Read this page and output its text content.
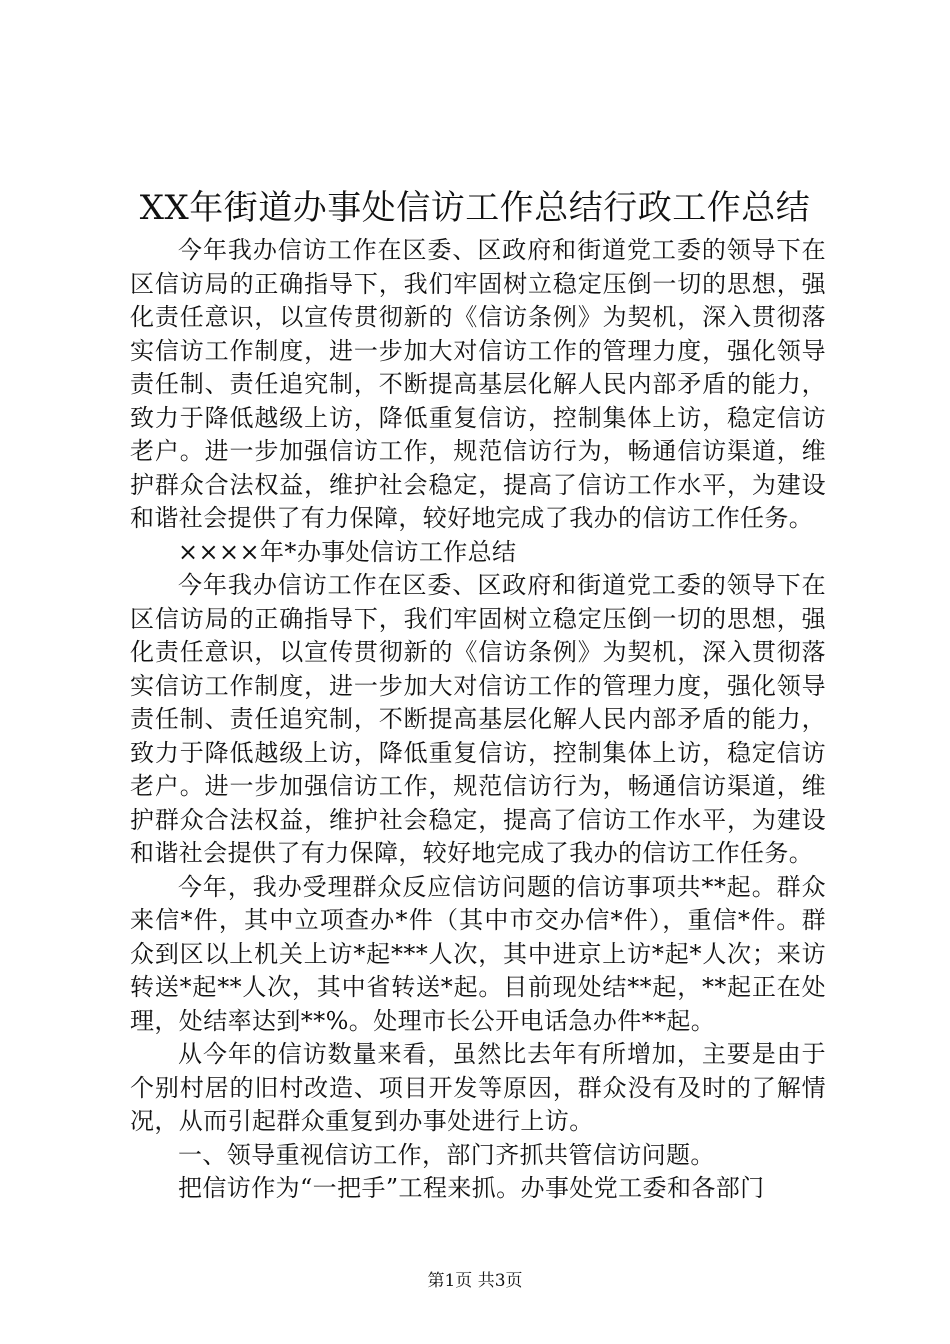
XX年街道办事处信访工作总结行政工作总结

今年我办信访工作在区委、区政府和街道党工委的领导下在区信访局的正确指导下，我们牢固树立稳定压倒一切的思想，强化责任意识，以宣传贯彻新的《信访条例》为契机，深入贯彻落实信访工作制度，进一步加大对信访工作的管理力度，强化领导责任制、责任追究制，不断提高基层化解人民内部矛盾的能力，致力于降低越级上访，降低重复信访，控制集体上访，稳定信访老户。进一步加强信访工作，规范信访行为，畅通信访渠道，维护群众合法权益，维护社会稳定，提高了信访工作水平，为建设和谐社会提供了有力保障，较好地完成了我办的信访工作任务。

××××年*办事处信访工作总结

今年我办信访工作在区委、区政府和街道党工委的领导下在区信访局的正确指导下，我们牢固树立稳定压倒一切的思想，强化责任意识，以宣传贯彻新的《信访条例》为契机，深入贯彻落实信访工作制度，进一步加大对信访工作的管理力度，强化领导责任制、责任追究制，不断提高基层化解人民内部矛盾的能力，致力于降低越级上访，降低重复信访，控制集体上访，稳定信访老户。进一步加强信访工作，规范信访行为，畅通信访渠道，维护群众合法权益，维护社会稳定，提高了信访工作水平，为建设和谐社会提供了有力保障，较好地完成了我办的信访工作任务。

今年，我办受理群众反应信访问题的信访事项共**起。群众来信*件，其中立项查办*件（其中市交办信*件），重信*件。群众到区以上机关上访*起***人次，其中进京上访*起*人次；来访转送*起**人次，其中省转送*起。目前现处结**起，**起正在处理，处结率达到**%。处理市长公开电话急办件**起。

从今年的信访数量来看，虽然比去年有所增加，主要是由于个别村居的旧村改造、项目开发等原因，群众没有及时的了解情况，从而引起群众重复到办事处进行上访。

一、领导重视信访工作，部门齐抓共管信访问题。

把信访作为“一把手”工程来抓。办事处党工委和各部门

第1页 共3页
